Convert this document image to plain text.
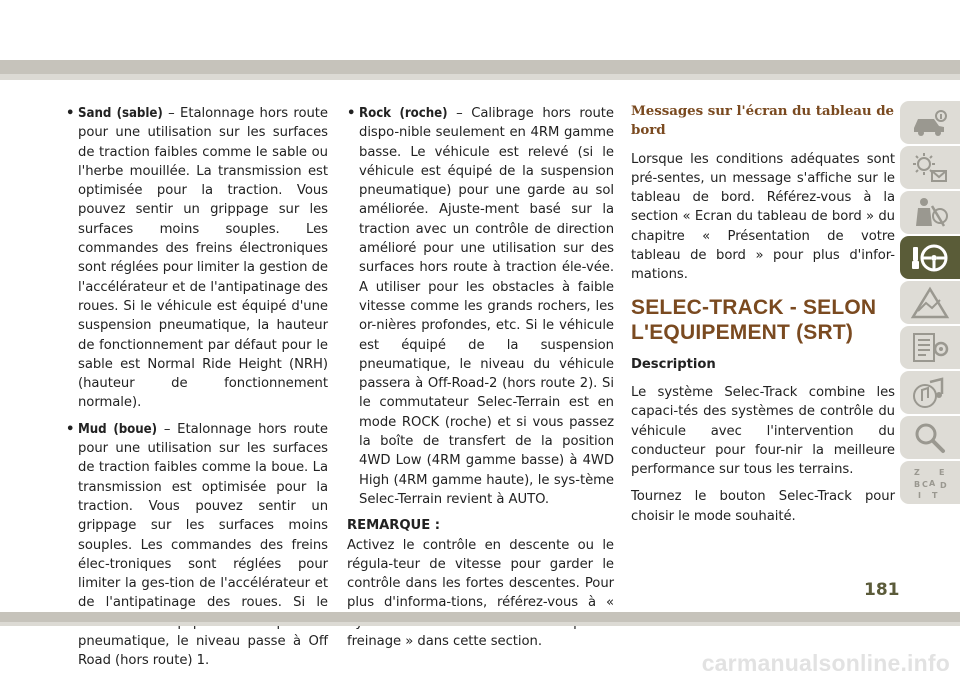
• Sand (sable) – Etalonnage hors route pour une utilisation sur les surfaces de traction faibles comme le sable ou l'herbe mouillée. La transmission est optimisée pour la traction. Vous pouvez sentir un grippage sur les surfaces moins souples. Les commandes des freins électroniques sont réglées pour limiter la gestion de l'accélérateur et de l'antipatinage des roues. Si le véhicule est équipé d'une suspension pneumatique, la hauteur de fonctionnement par défaut pour le sable est Normal Ride Height (NRH) (hauteur de fonctionnement normale).
• Mud (boue) – Etalonnage hors route pour une utilisation sur les surfaces de traction faibles comme la boue. La transmission est optimisée pour la traction. Vous pouvez sentir un grippage sur les surfaces moins souples. Les commandes des freins élec-troniques sont réglées pour limiter la ges-tion de l'accélérateur et de l'antipatinage des roues. Si le pneumatique, le niveau passe à Off Road (hors route) 1.
• Rock (roche) – Calibrage hors route dispo-nible seulement en 4RM gamme basse. Le véhicule est relevé (si le véhicule est équipé de la suspension pneumatique) pour une garde au sol améliorée. Ajuste-ment basé sur la traction avec un contrôle de direction amélioré pour une utilisation sur des surfaces hors route à traction éle-vée. A utiliser pour les obstacles à faible vitesse comme les grands rochers, les or-nières profondes, etc. Si le véhicule est équipé de la suspension pneumatique, le niveau du véhicule passera à Off-Road-2 (hors route 2). Si le commutateur Selec-Terrain est en mode ROCK (roche) et si vous passez la boîte de transfert de la position 4WD Low (4RM gamme basse) à 4WD High (4RM gamme haute), le sys-tème Selec-Terrain revient à AUTO.
REMARQUE :
Activez le contrôle en descente ou le régula-teur de vitesse pour garder le contrôle dans les fortes descentes. Pour plus d'informa-tions, référez-vous à « freinage » dans cette section.
Messages sur l'écran du tableau de bord
Lorsque les conditions adéquates sont pré-sentes, un message s'affiche sur le tableau de bord. Référez-vous à la section « Ecran du tableau de bord » du chapitre « Présentation de votre tableau de bord » pour plus d'infor-mations.
SELEC-TRACK - SELON
L'EQUIPEMENT (SRT)
Description
Le système Selec-Track combine les capaci-tés des systèmes de contrôle du véhicule avec l'intervention du conducteur pour four-nir la meilleure performance sur tous les terrains.
Tournez le bouton Selec-Track pour choisir le mode souhaité.
Z E
B A
C D
I T
181
carmanualsonline.info
